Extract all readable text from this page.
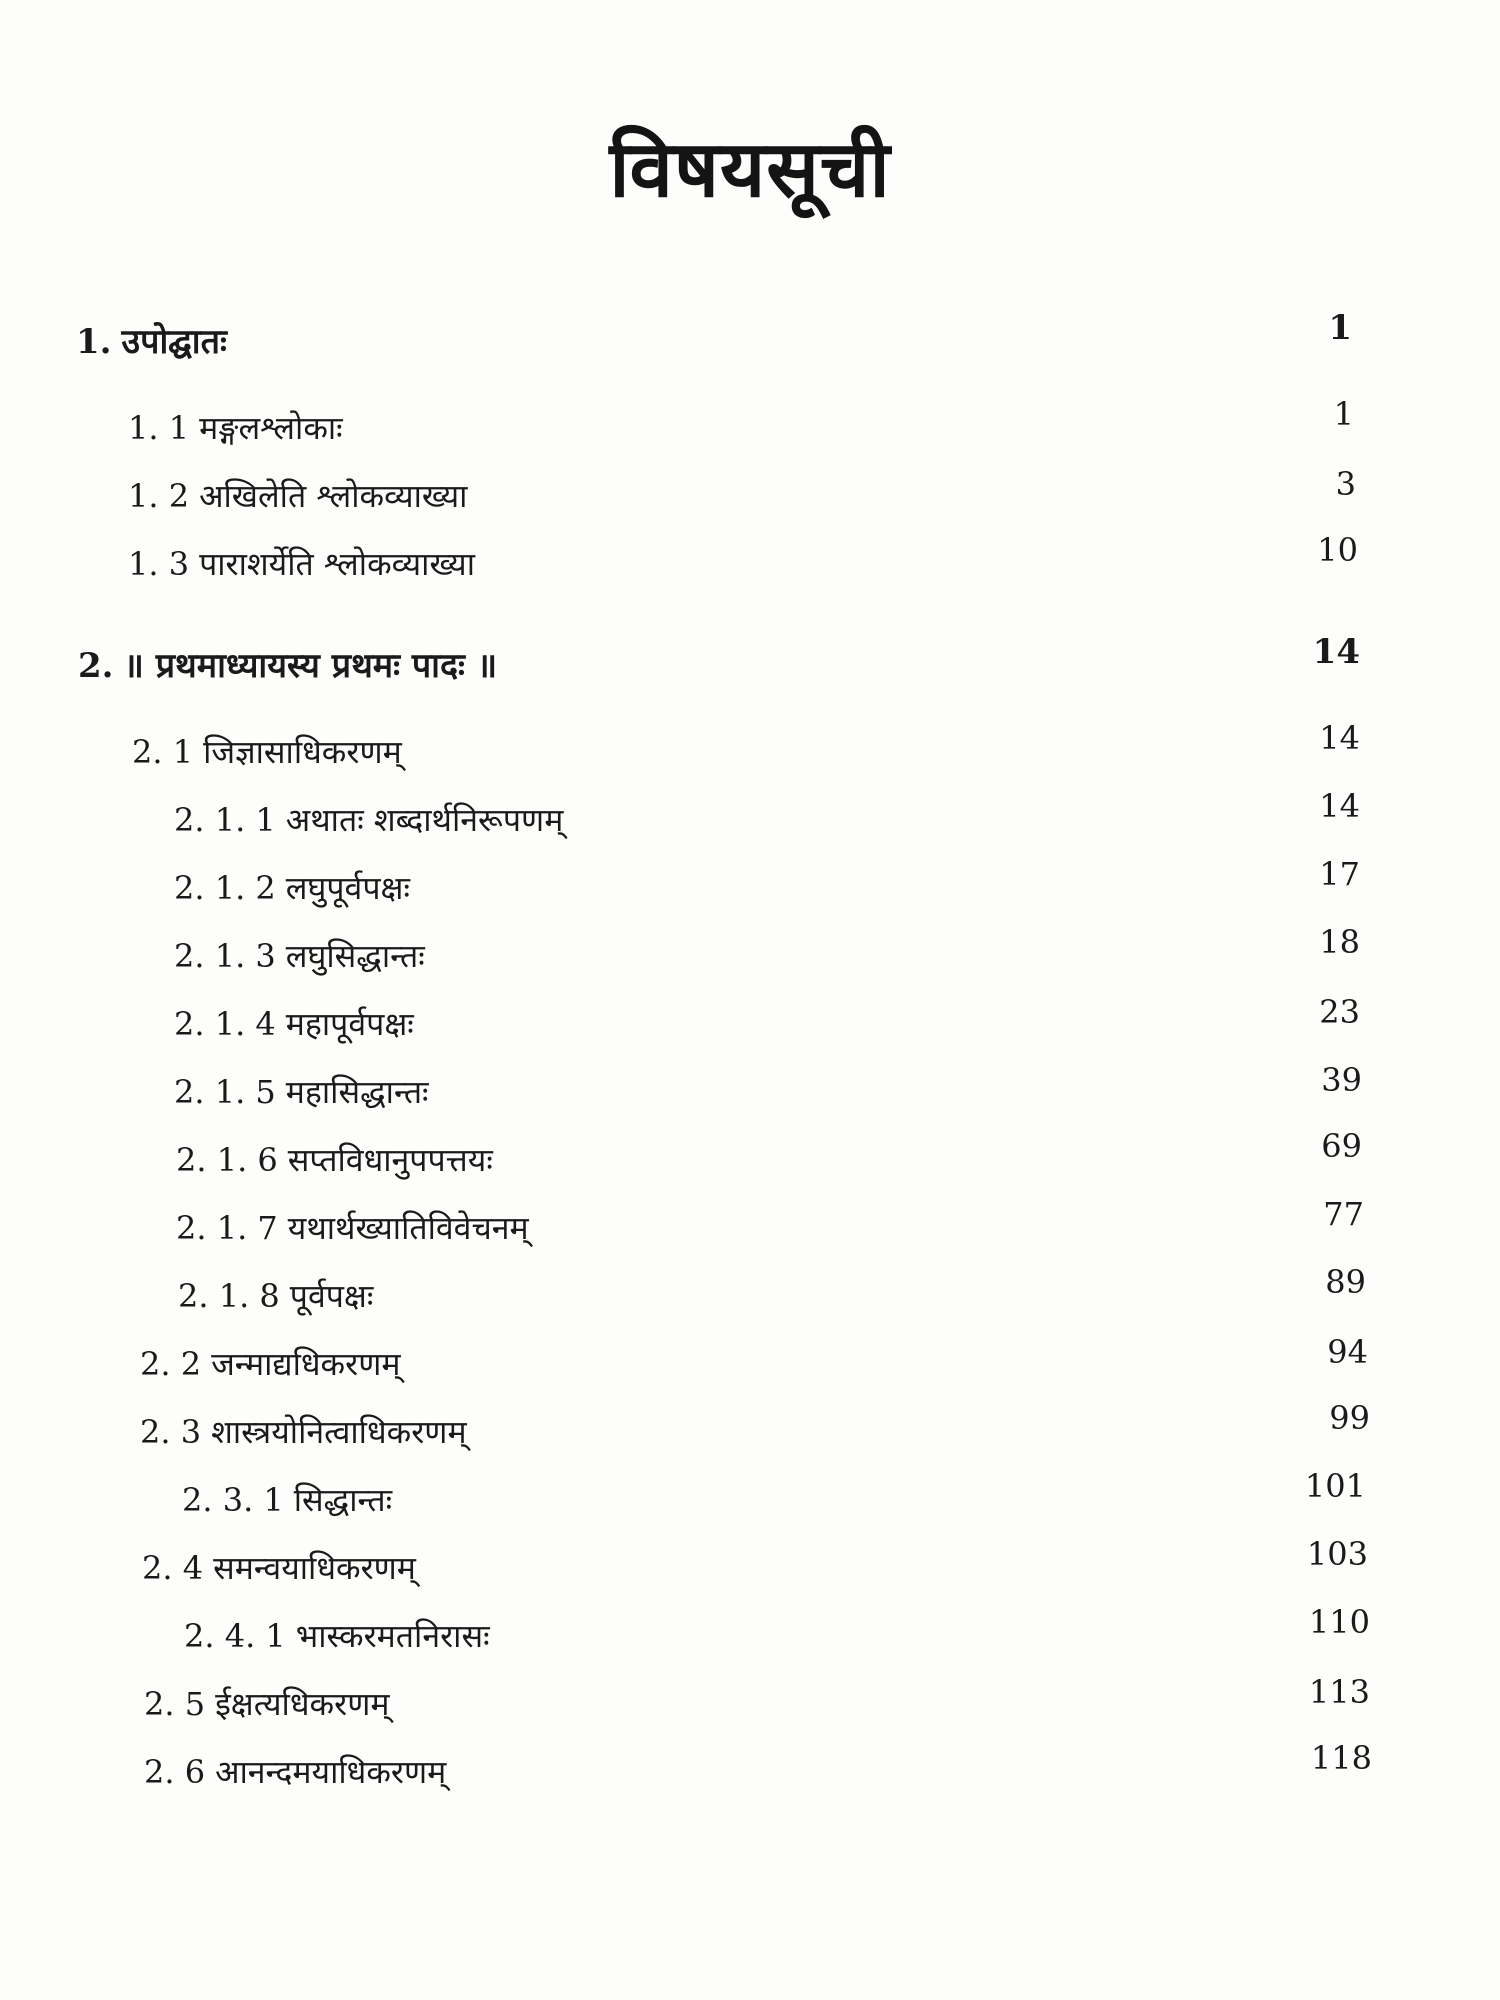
विषयसूची
1. उपोद्घातः	1
1. 1 मङ्गलश्लोकाः	1
1. 2 अखिलेति श्लोकव्याख्या	3
1. 3 पाराशर्येति श्लोकव्याख्या	10
2. ॥ प्रथमाध्यायस्य प्रथमः पादः ॥	14
2. 1 जिज्ञासाधिकरणम्	14
2. 1. 1 अथातः शब्दार्थनिरूपणम्	14
2. 1. 2 लघुपूर्वपक्षः	17
2. 1. 3 लघुसिद्धान्तः	18
2. 1. 4 महापूर्वपक्षः	23
2. 1. 5 महासिद्धान्तः	39
2. 1. 6 सप्तविधानुपपत्तयः	69
2. 1. 7 यथार्थख्यातिविवेचनम्	77
2. 1. 8 पूर्वपक्षः	89
2. 2 जन्माद्यधिकरणम्	94
2. 3 शास्त्रयोनित्वाधिकरणम्	99
2. 3. 1 सिद्धान्तः	101
2. 4 समन्वयाधिकरणम्	103
2. 4. 1 भास्करमतनिरासः	110
2. 5 ईक्षत्यधिकरणम्	113
2. 6 आनन्दमयाधिकरणम्	118
